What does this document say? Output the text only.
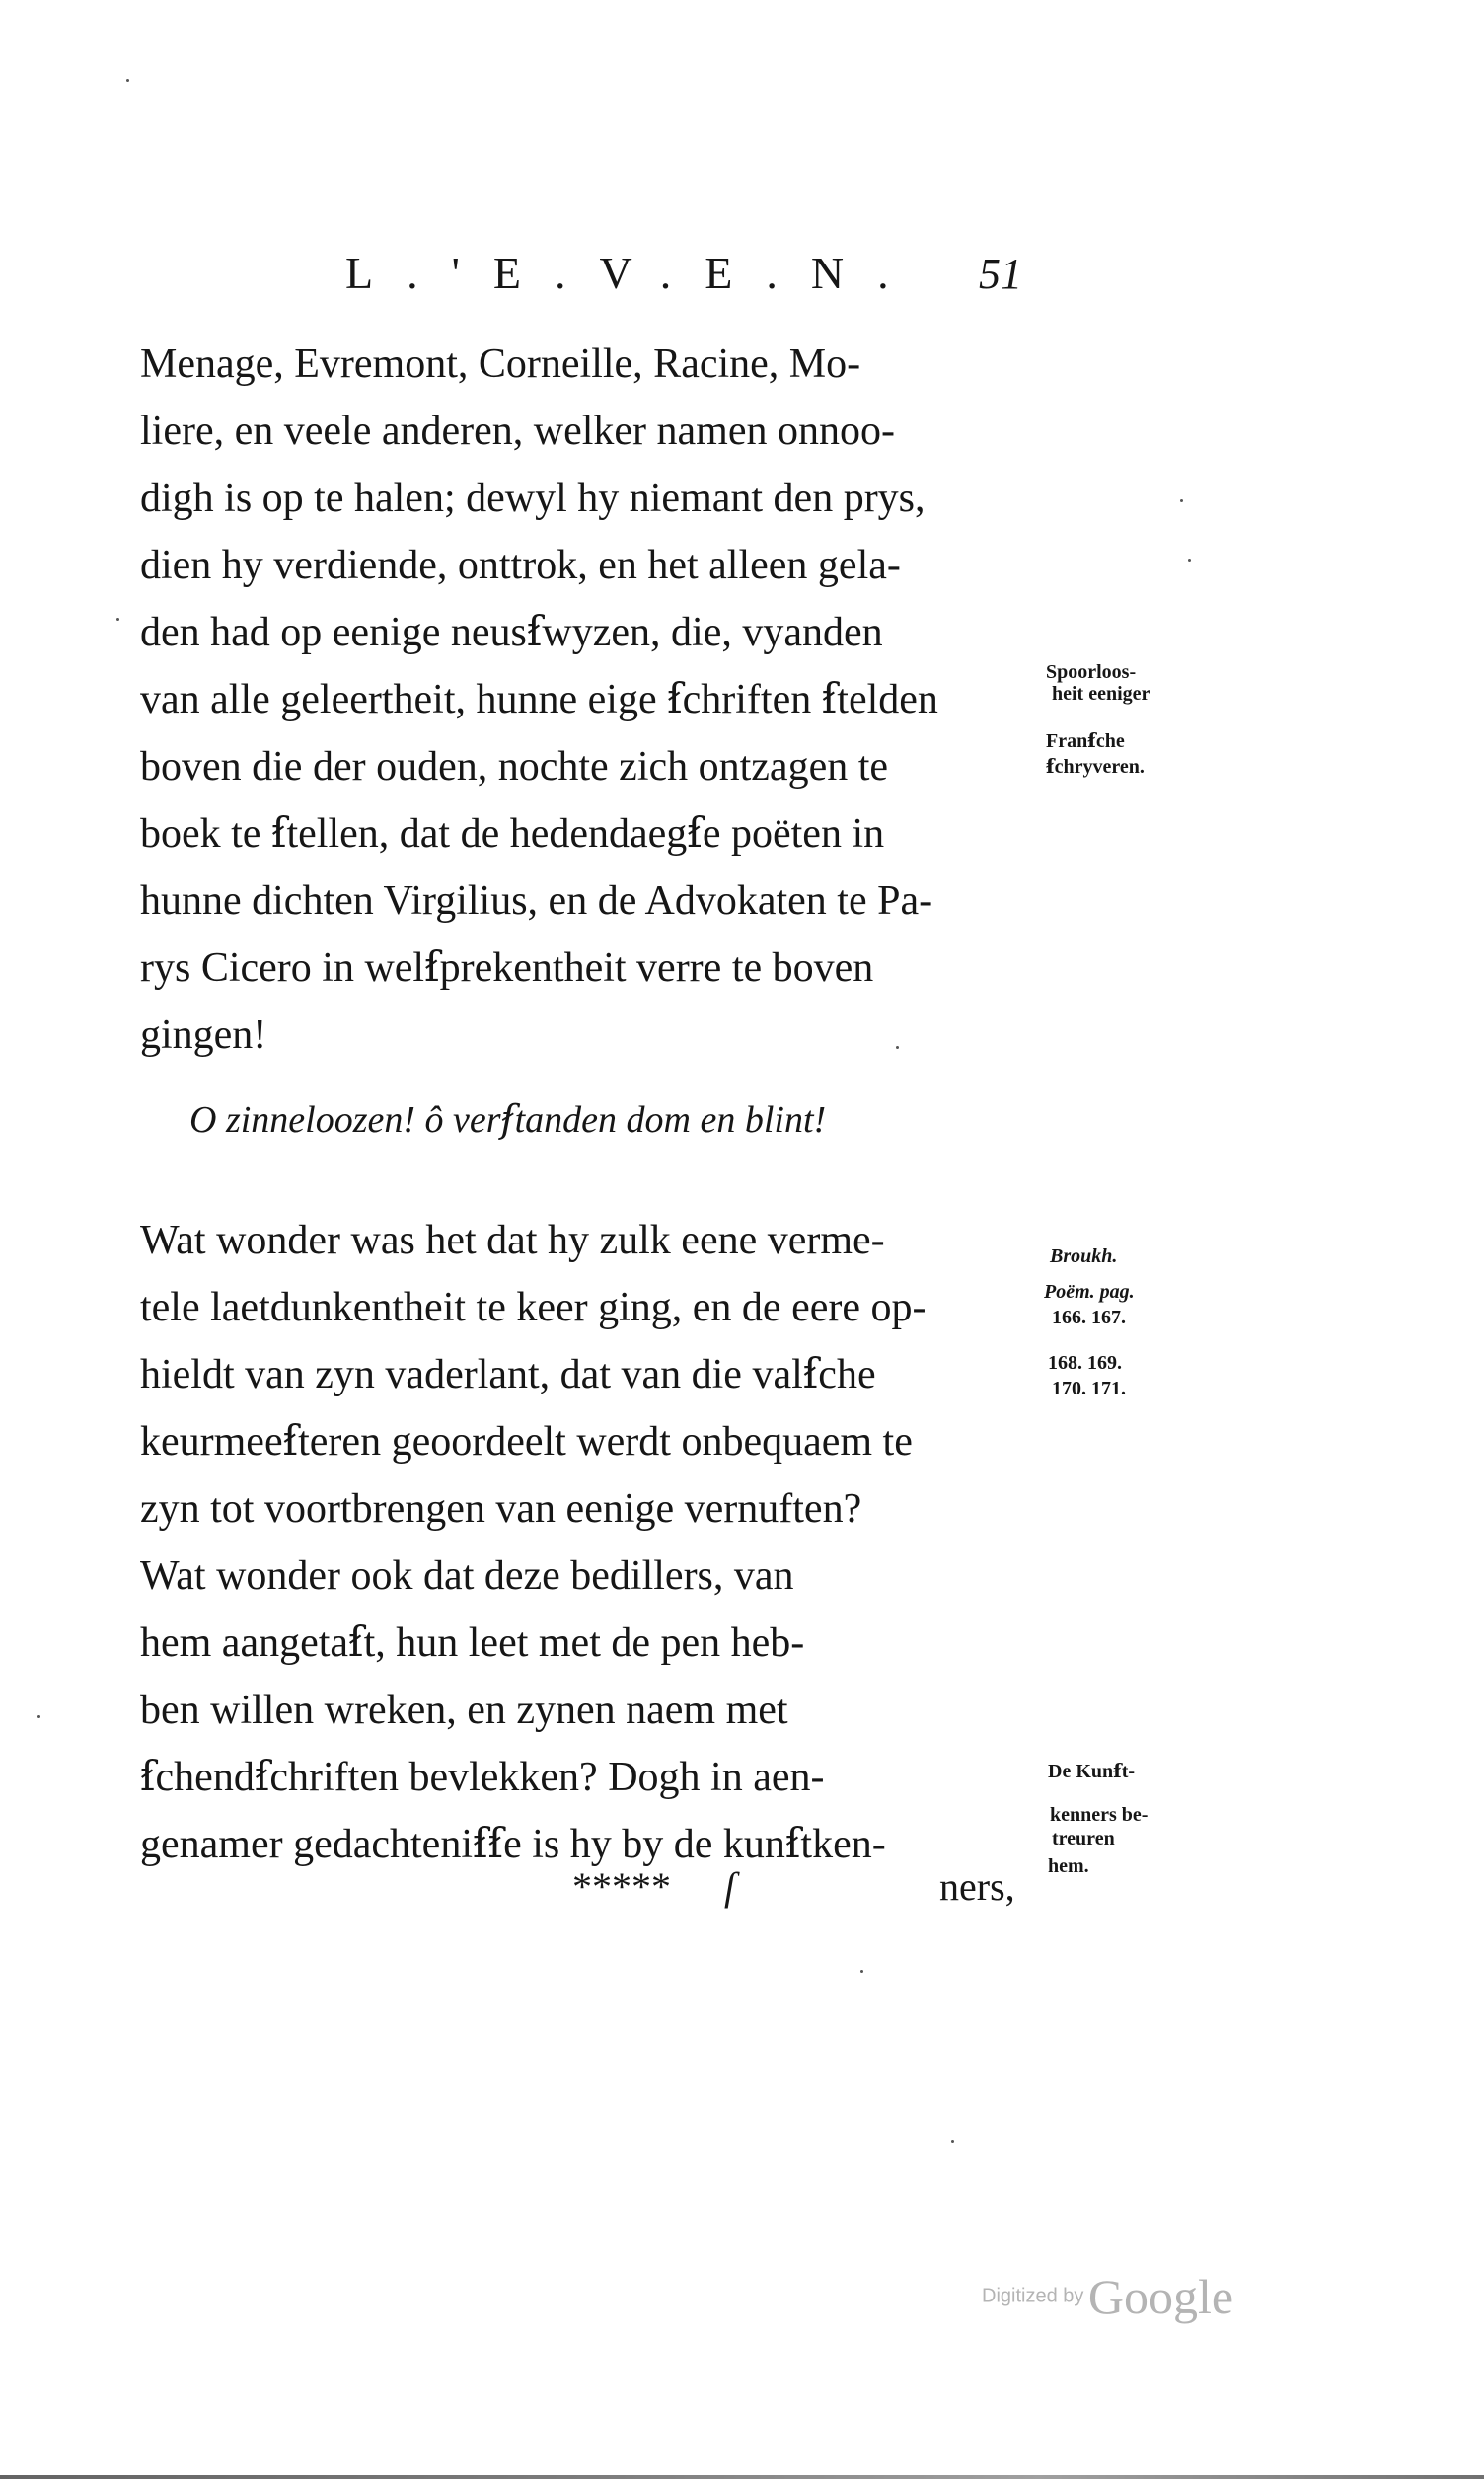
L.'E.V.E.N. 51
Menage, Evremont, Corneille, Racine, Mo-
liere, en veele anderen, welker namen onnoo-
digh is op te halen; dewyl hy niemant den prys,
dien hy verdiende, onttrok, en het alleen gela-
den had op eenige neusẜwyzen, die, vyanden
van alle geleertheit, hunne eige ẜchriften ẜtelden
boven die der ouden, nochte zich ontzagen te
boek te ẜtellen, dat de hedendaegẜe poëten in
hunne dichten Virgilius, en de Advokaten te Pa-
rys Cicero in welẜprekentheit verre te boven
gingen!
O zinneloozen! ô verẜtanden dom en blint!
Wat wonder was het dat hy zulk eene verme-
tele laetdunkentheit te keer ging, en de eere op-
hieldt van zyn vaderlant, dat van die valẜche
keurmeeẜteren geoordeelt werdt onbequaem te
zyn tot voortbrengen van eenige vernuften?
Wat wonder ook dat deze bedillers, van
hem aangetaẜt, hun leet met de pen heb-
ben willen wreken, en zynen naem met
ẜchendẜchriften bevlekken? Dogh in aen-
genamer gedachteniẜẜe is hy by de kunẜtken-
***** ſ	ners,
Spoorloos-
heit eeniger
Franẜche
ẜchryveren.
Broukh.
Poëm. pag.
166. 167.
168. 169.
170. 171.
De Kunẜt-
kenners be-
treuren
hem.
Digitized by Google
